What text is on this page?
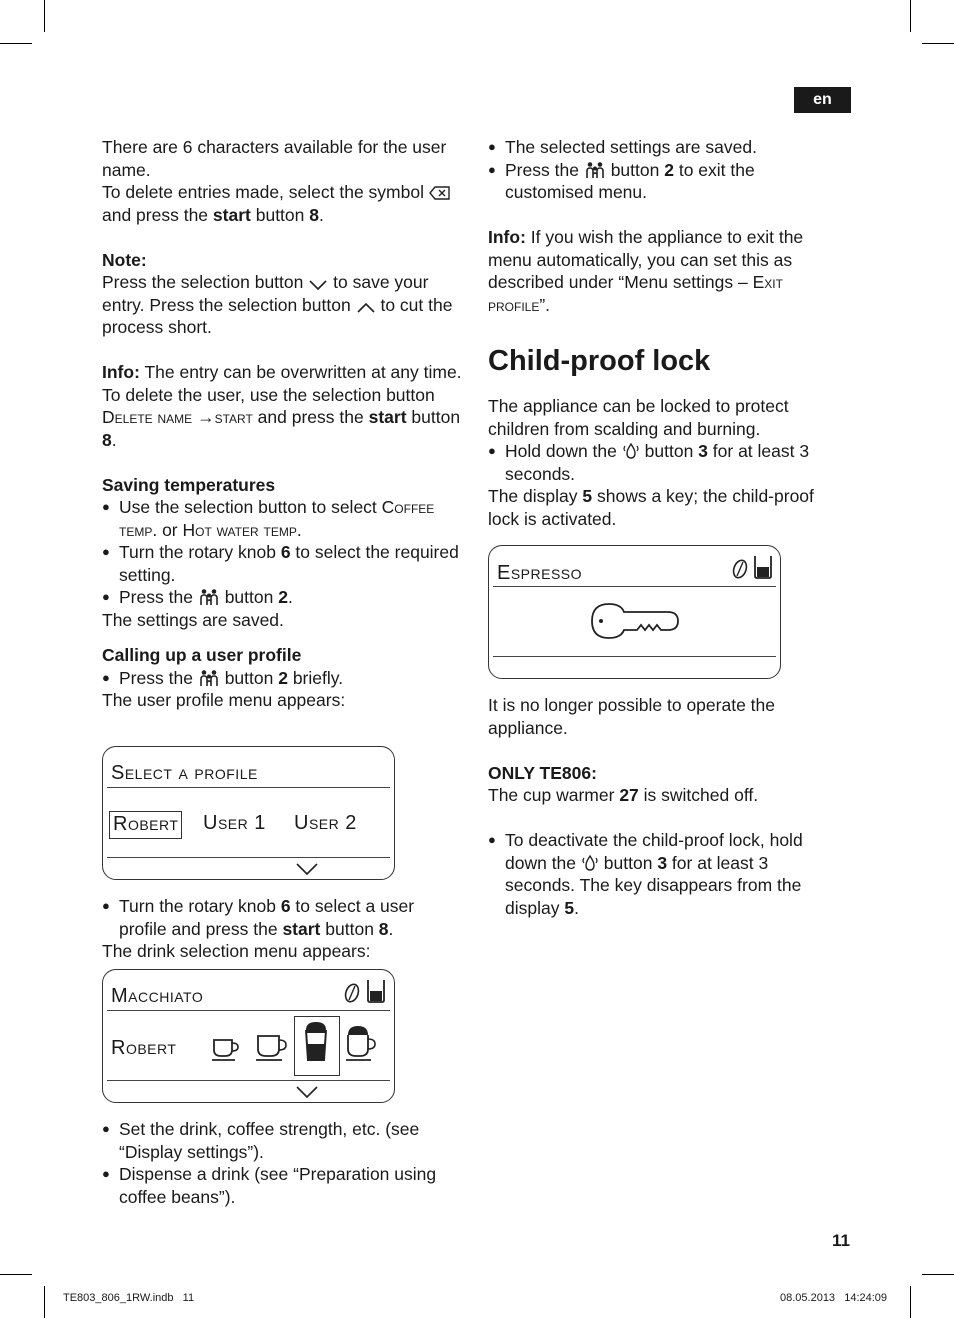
en

There are 6 characters available for the user name.

To delete entries made, select the symbol  and press the start button 8.

Note:

Press the selection button to save your entry. Press the selection button to cut the process short.

Info: The entry can be overwritten at any time.

To delete the user, use the selection button Delete name →start and press the start button 8.

Saving temperatures

● Use the selection button to select Coffee temp. or Hot water temp.

● Turn the rotary knob 6 to select the required setting.

● Press the button 2.

The settings are saved.

Calling up a user profile

● Press the button 2 briefly.

The user profile menu appears:

Select a profile
Robert User 1 User 2

● Turn the rotary knob 6 to select a user profile and press the start button 8.

The drink selection menu appears:

Macchiato
Robert

● Set the drink, coffee strength, etc. (see “Display settings”).

● Dispense a drink (see “Preparation using coffee beans”).

● The selected settings are saved.

● Press the button 2 to exit the customised menu.

Info: If you wish the appliance to exit the menu automatically, you can set this as described under “Menu settings – Exit profile”.

Child-proof lock

The appliance can be locked to protect children from scalding and burning.

● Hold down the button 3 for at least 3 seconds.

The display 5 shows a key; the child-proof lock is activated.

Espresso

It is no longer possible to operate the appliance.

ONLY TE806:

The cup warmer 27 is switched off.

● To deactivate the child-proof lock, hold down the button 3 for at least 3 seconds. The key disappears from the display 5.

11
TE803_806_1RW.indb   11	08.05.2013   14:24:09
